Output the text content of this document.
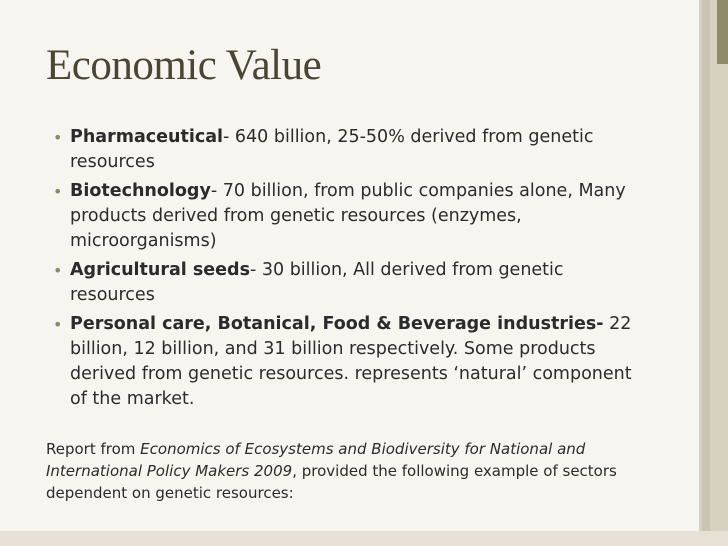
Economic Value
• Pharmaceutical- 640 billion, 25-50% derived from genetic resources
• Biotechnology- 70 billion, from public companies alone, Many products derived from genetic resources (enzymes, microorganisms)
• Agricultural seeds- 30 billion, All derived from genetic resources
• Personal care, Botanical, Food & Beverage industries- 22 billion, 12 billion, and 31 billion respectively. Some products derived from genetic resources. represents ‘natural’ component of the market.

Report from Economics of Ecosystems and Biodiversity for National and International Policy Makers 2009, provided the following example of sectors dependent on genetic resources:
